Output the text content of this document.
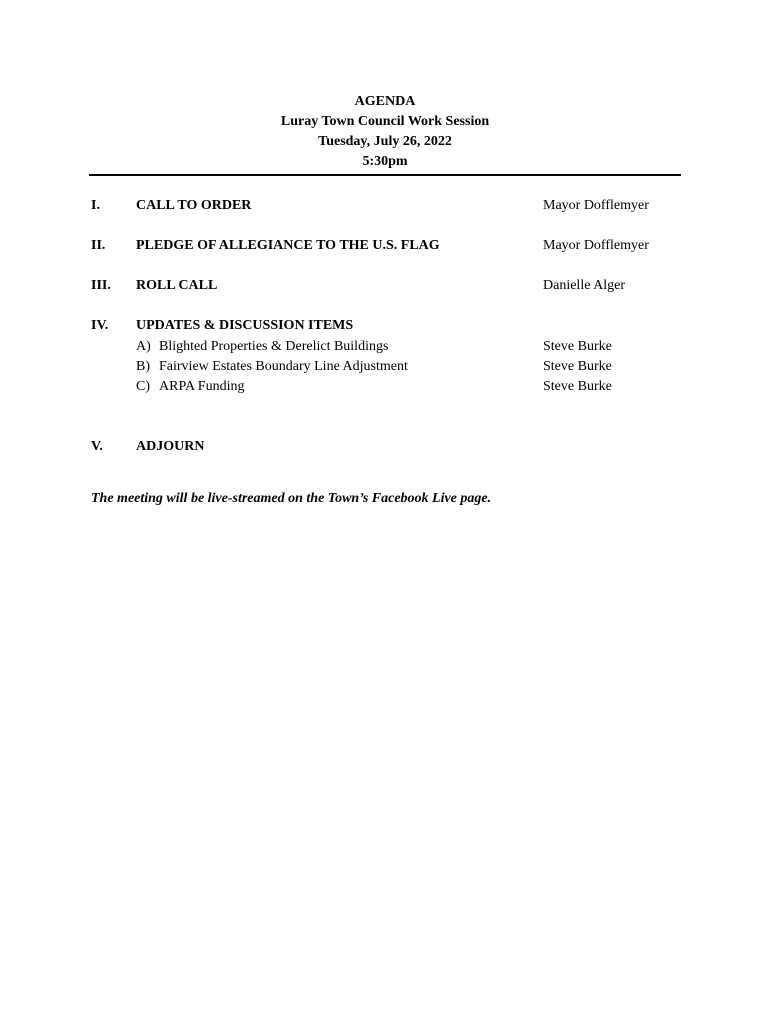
AGENDA
Luray Town Council Work Session
Tuesday, July 26, 2022
5:30pm
I.	CALL TO ORDER	Mayor Dofflemyer
II. PLEDGE OF ALLEGIANCE TO THE U.S. FLAG	Mayor Dofflemyer
III. ROLL CALL	Danielle Alger
IV. UPDATES & DISCUSSION ITEMS
A) Blighted Properties & Derelict Buildings	Steve Burke
B) Fairview Estates Boundary Line Adjustment	Steve Burke
C) ARPA Funding	Steve Burke
V. ADJOURN
The meeting will be live-streamed on the Town’s Facebook Live page.
